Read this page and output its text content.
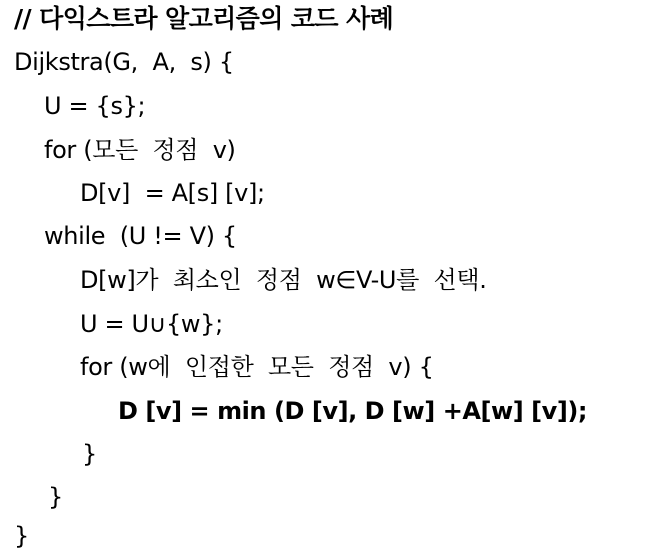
// 다익스트라 알고리즘의 코드 사례
Dijkstra(G,  A,  s) {
U = {s};
for (모든  정점  v)
D[v]  = A[s] [v];
while  (U != V) {
D[w]가  최소인  정점  w∈V-U를  선택.
U = U∪{w};
for (w에  인접한  모든  정점  v) {
D [v] = min (D [v], D [w] +A[w] [v]);
}
}
}
